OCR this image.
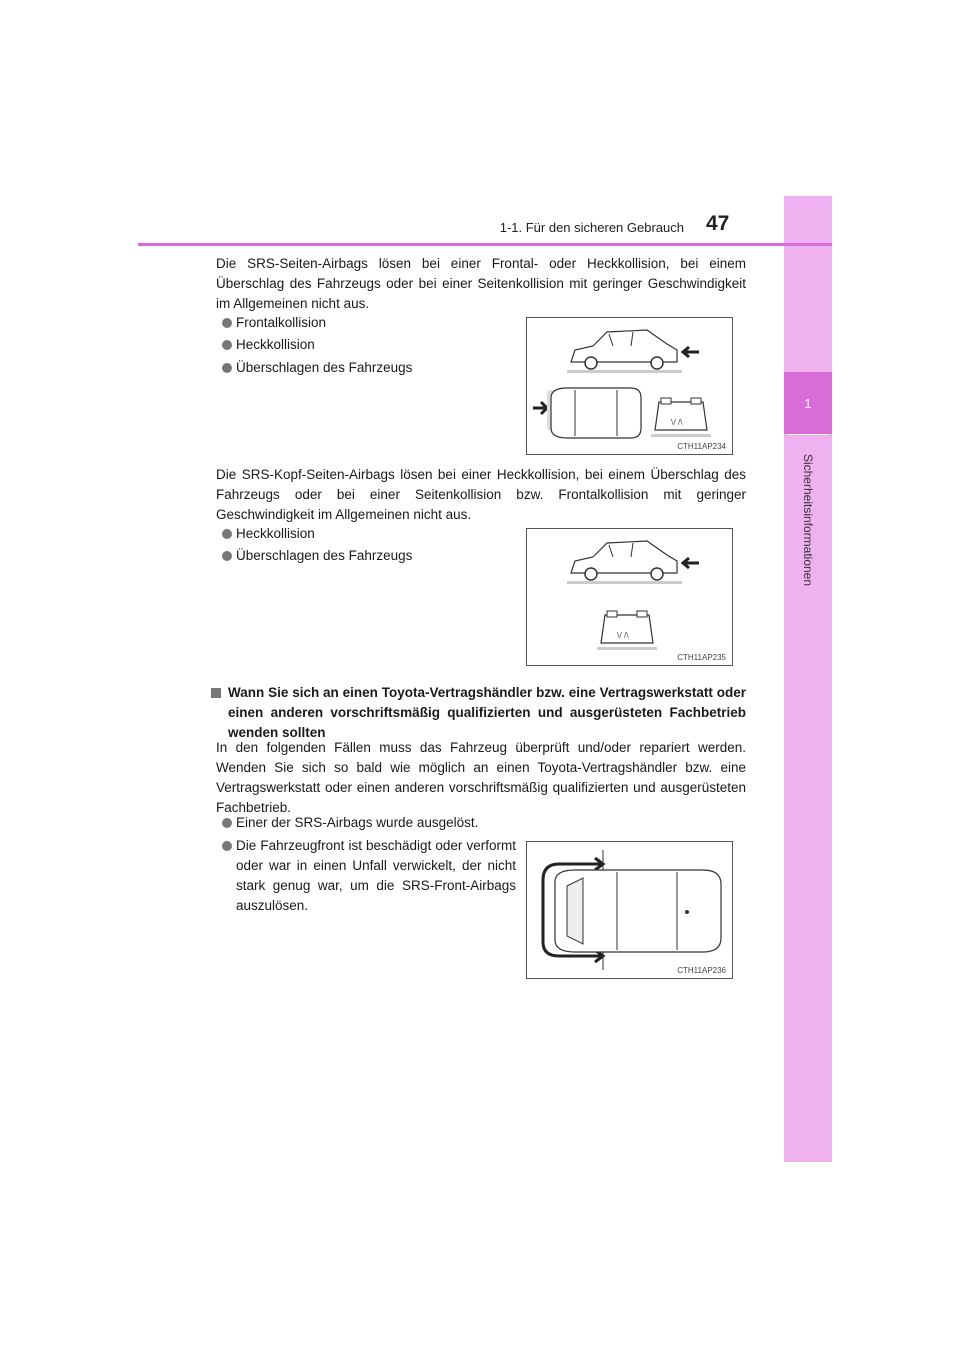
1
Sicherheitsinformationen
1-1. Für den sicheren Gebrauch 47

Die SRS-Seiten-Airbags lösen bei einer Frontal- oder Heckkollision, bei einem Überschlag des Fahrzeugs oder bei einer Seitenkollision mit geringer Geschwindigkeit im Allgemeinen nicht aus.

Frontalkollision
Heckkollision
Überschlagen des Fahrzeugs
\/ /\
CTH11AP234

Die SRS-Kopf-Seiten-Airbags lösen bei einer Heckkollision, bei einem Überschlag des Fahrzeugs oder bei einer Seitenkollision bzw. Frontalkollision mit geringer Geschwindigkeit im Allgemeinen nicht aus.

Heckkollision
Überschlagen des Fahrzeugs
\/ /\
CTH11AP235
Wann Sie sich an einen Toyota-Vertragshändler bzw. eine Vertragswerkstatt oder einen anderen vorschriftsmäßig qualifizierten und ausgerüsteten Fachbetrieb wenden sollten

In den folgenden Fällen muss das Fahrzeug überprüft und/oder repariert werden. Wenden Sie sich so bald wie möglich an einen Toyota-Vertragshändler bzw. eine Vertragswerkstatt oder einen anderen vorschriftsmäßig qualifizierten und ausgerüsteten Fachbetrieb.

Einer der SRS-Airbags wurde ausgelöst.
Die Fahrzeugfront ist beschädigt oder verformt oder war in einen Unfall verwickelt, der nicht stark genug war, um die SRS-Front-Airbags auszulösen.
CTH11AP236
